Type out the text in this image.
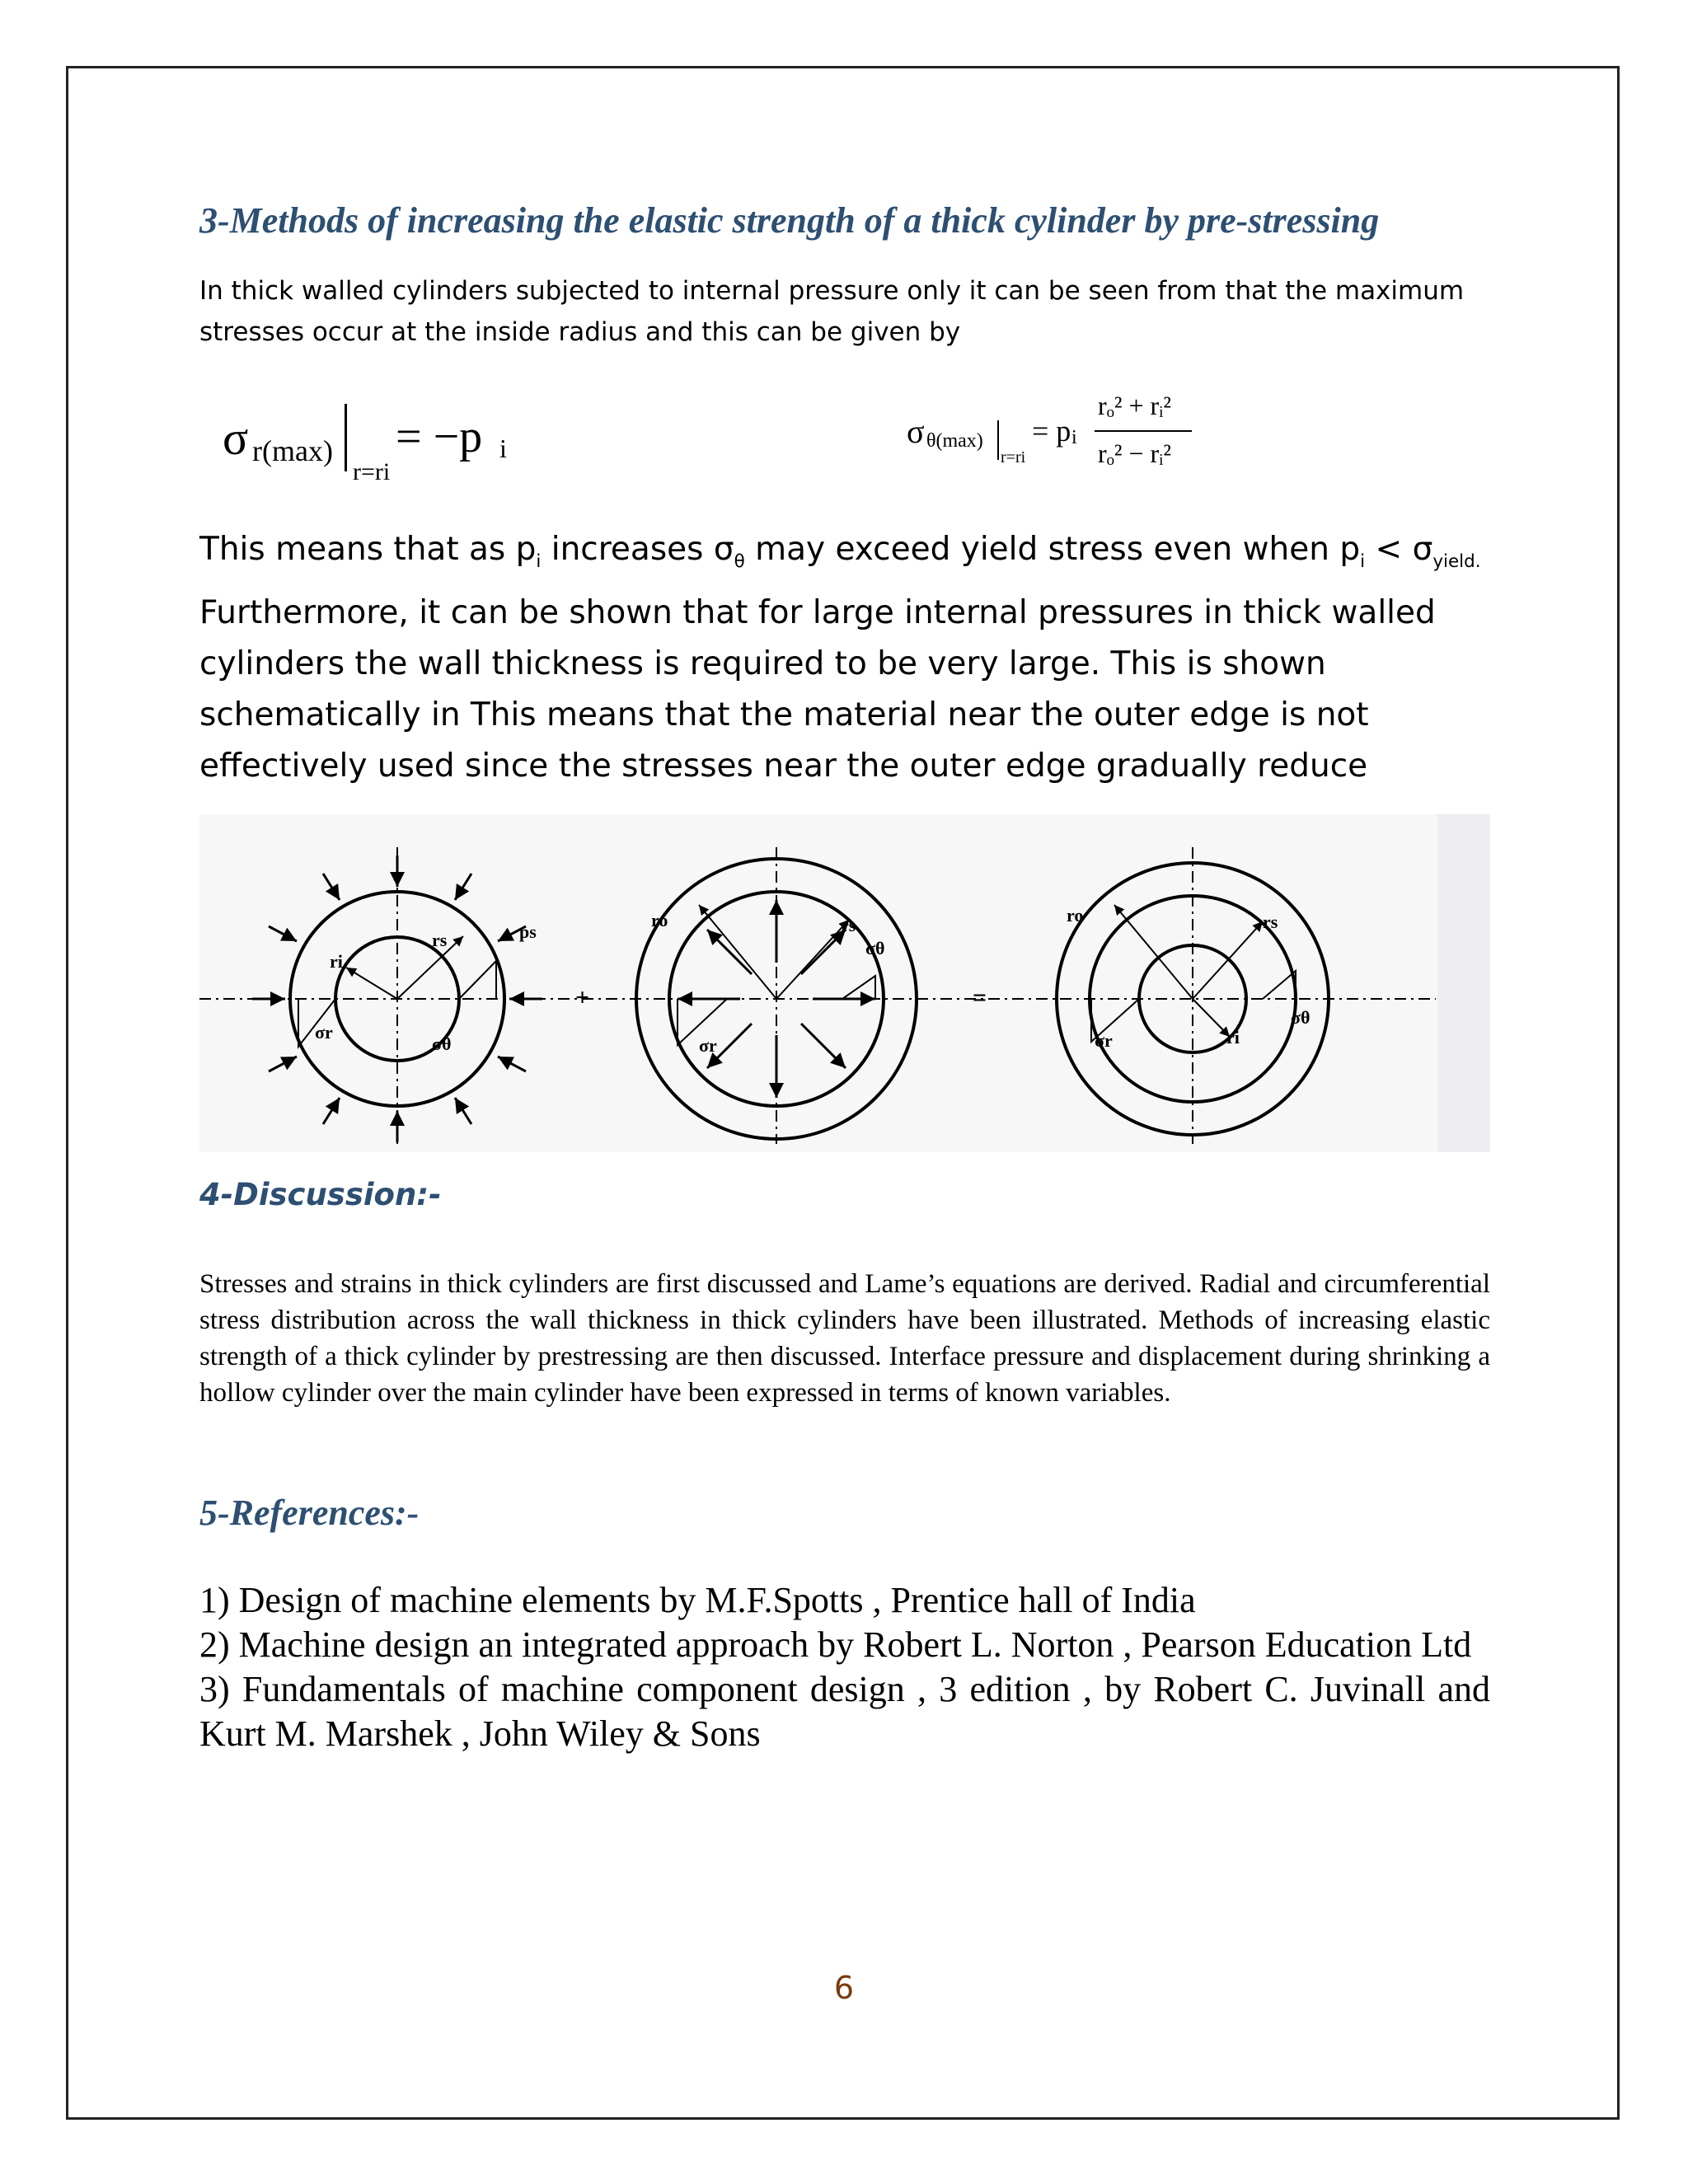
3-Methods of increasing the elastic strength of a thick cylinder by pre-stressing
In thick walled cylinders subjected to internal pressure only it can be seen from that the maximum stresses occur at the inside radius and this can be given by
σ r(max)
r=ri
= −p i	σ θ(max)
r=ri
= p i
rₒ² + rᵢ²
rₒ² − rᵢ²
This means that as $p_i$ increases $\sigma_\theta$ may exceed yield stress even when $p_i < \sigma_{yield.}$
Furthermore, it can be shown that for large internal pressures in thick walled cylinders the wall thickness is required to be very large. This is shown schematically in This means that the material near the outer edge is not effectively used since the stresses near the outer edge gradually reduce
ps
ri
rs
σr
σθ
+
ro	rs
σθ
σr
=
ro	rs
ri
σθ
σr
4-Discussion:-
Stresses and strains in thick cylinders are first discussed and Lame’s equations are derived. Radial and circumferential stress distribution across the wall thickness in thick cylinders have been illustrated. Methods of increasing elastic strength of a thick cylinder by prestressing are then discussed. Interface pressure and displacement during shrinking a hollow cylinder over the main cylinder have been expressed in terms of known variables.
5-References:-

1) Design of machine elements by M.F.Spotts , Prentice hall of India

2) Machine design an integrated approach by Robert L. Norton , Pearson Education Ltd

3) Fundamentals of machine component design , 3 edition , by Robert C. Juvinall and Kurt M. Marshek , John Wiley & Sons

6
